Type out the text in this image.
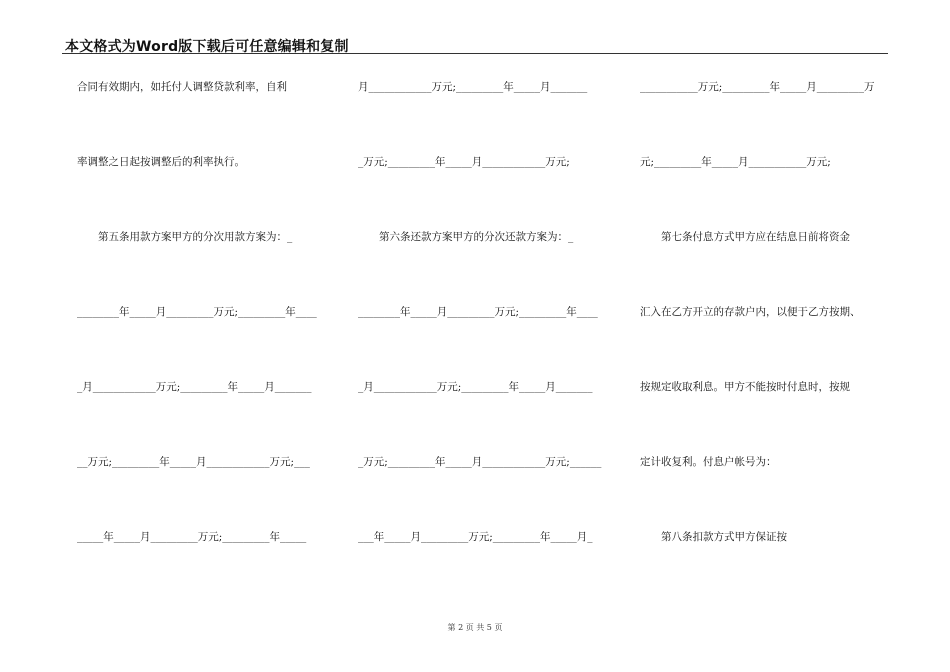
本文格式为Word版下载后可任意编辑和复制
合同有效期内，如托付人调整贷款利率，自利
率调整之日起按调整后的利率执行。
　　第五条用款方案甲方的分次用款方案为：_
________年_____月_________万元;_________年____
_月____________万元;_________年_____月_______
__万元;_________年_____月____________万元;___
_____年_____月_________万元;_________年_____
月____________万元;_________年_____月_______
_万元;_________年_____月____________万元;
　　第六条还款方案甲方的分次还款方案为：_
________年_____月_________万元;_________年____
_月____________万元;_________年_____月_______
_万元;_________年_____月____________万元;______
___年_____月_________万元;_________年_____月_
___________万元;_________年_____月_________万
元;_________年_____月___________万元;
　　第七条付息方式甲方应在结息日前将资金
汇入在乙方开立的存款户内，以便于乙方按期、
按规定收取利息。甲方不能按时付息时，按规
定计收复利。付息户帐号为：
　　第八条扣款方式甲方保证按
第 2 页 共 5 页
